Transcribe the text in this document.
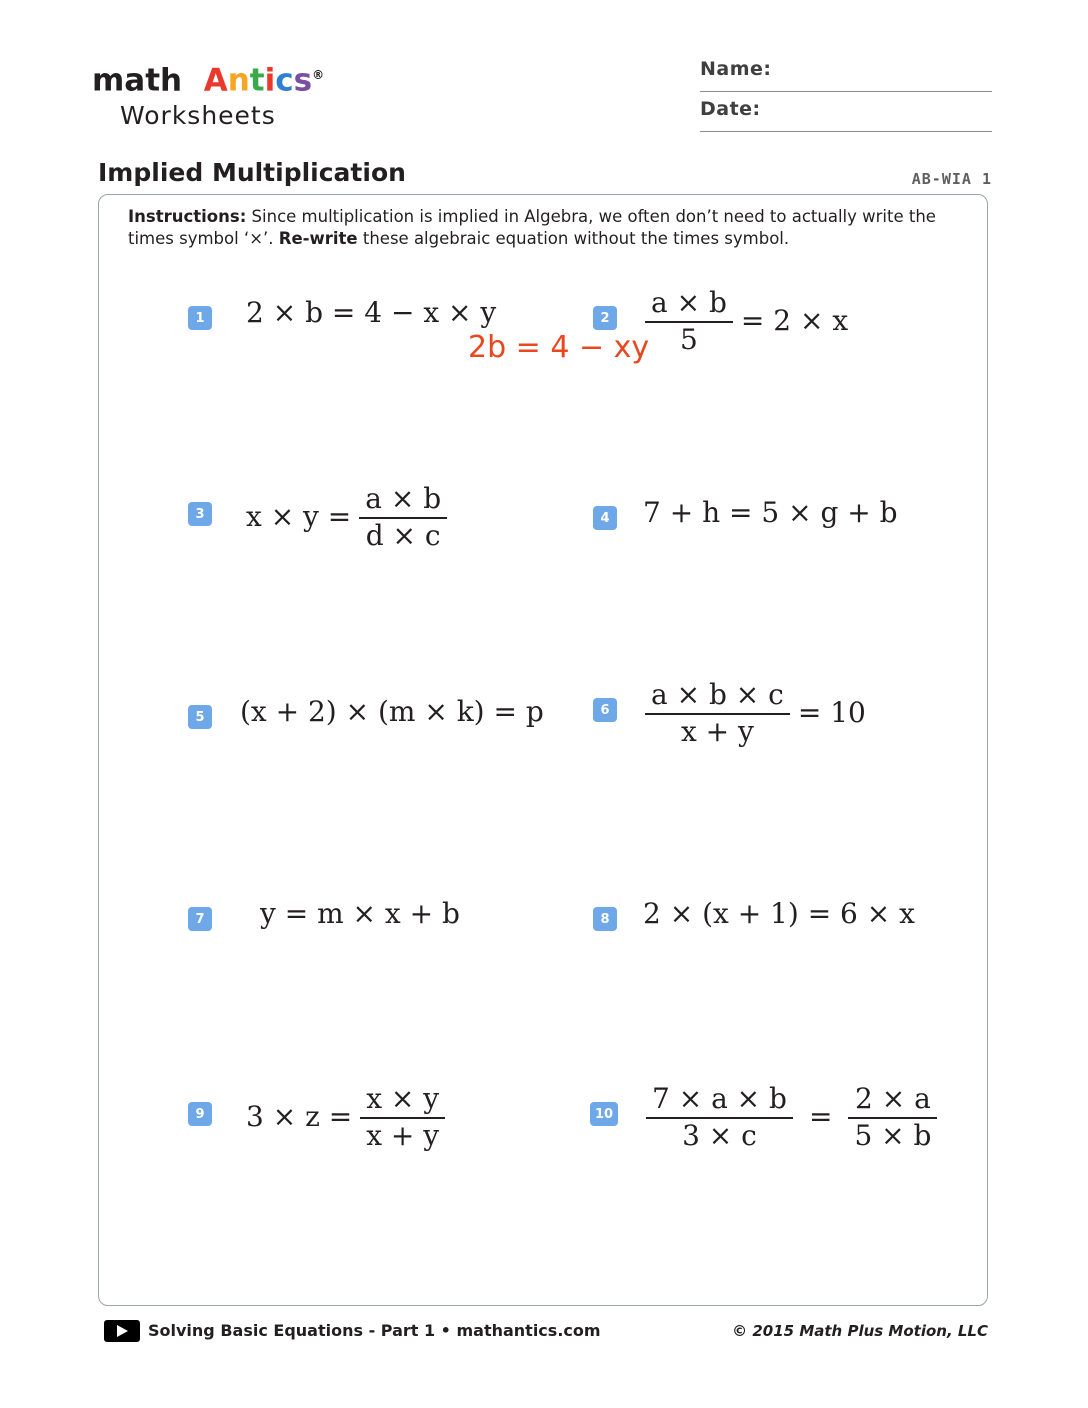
math Antics®
Worksheets
Name:
Date:
Implied Multiplication	AB-WIA 1
Instructions: Since multiplication is implied in Algebra, we often don’t need to actually write the times symbol ‘×’. Re-write these algebraic equation without the times symbol.
1 2 × b = 4 − x × y
2b = 4 − xy
$2 \frac{a \times b}{5} = 2 \times x$
3 $x \times y = \frac{a \times b}{d \times c}$	4 7 + h = 5 × g + b
5 (x + 2) × (m × k) = p	$6 \frac{a \times b \times c}{x + y} = 10$
7 y = m × x + b	8 2 × (x + 1) = 6 × x
9 $3 \times z = \frac{x \times y}{x + y}$	$10 \frac{7 \times a \times b}{3 \times c} = \frac{2 \times a}{5 \times b}$
Solving Basic Equations - Part 1 • mathantics.com	© 2015 Math Plus Motion, LLC
